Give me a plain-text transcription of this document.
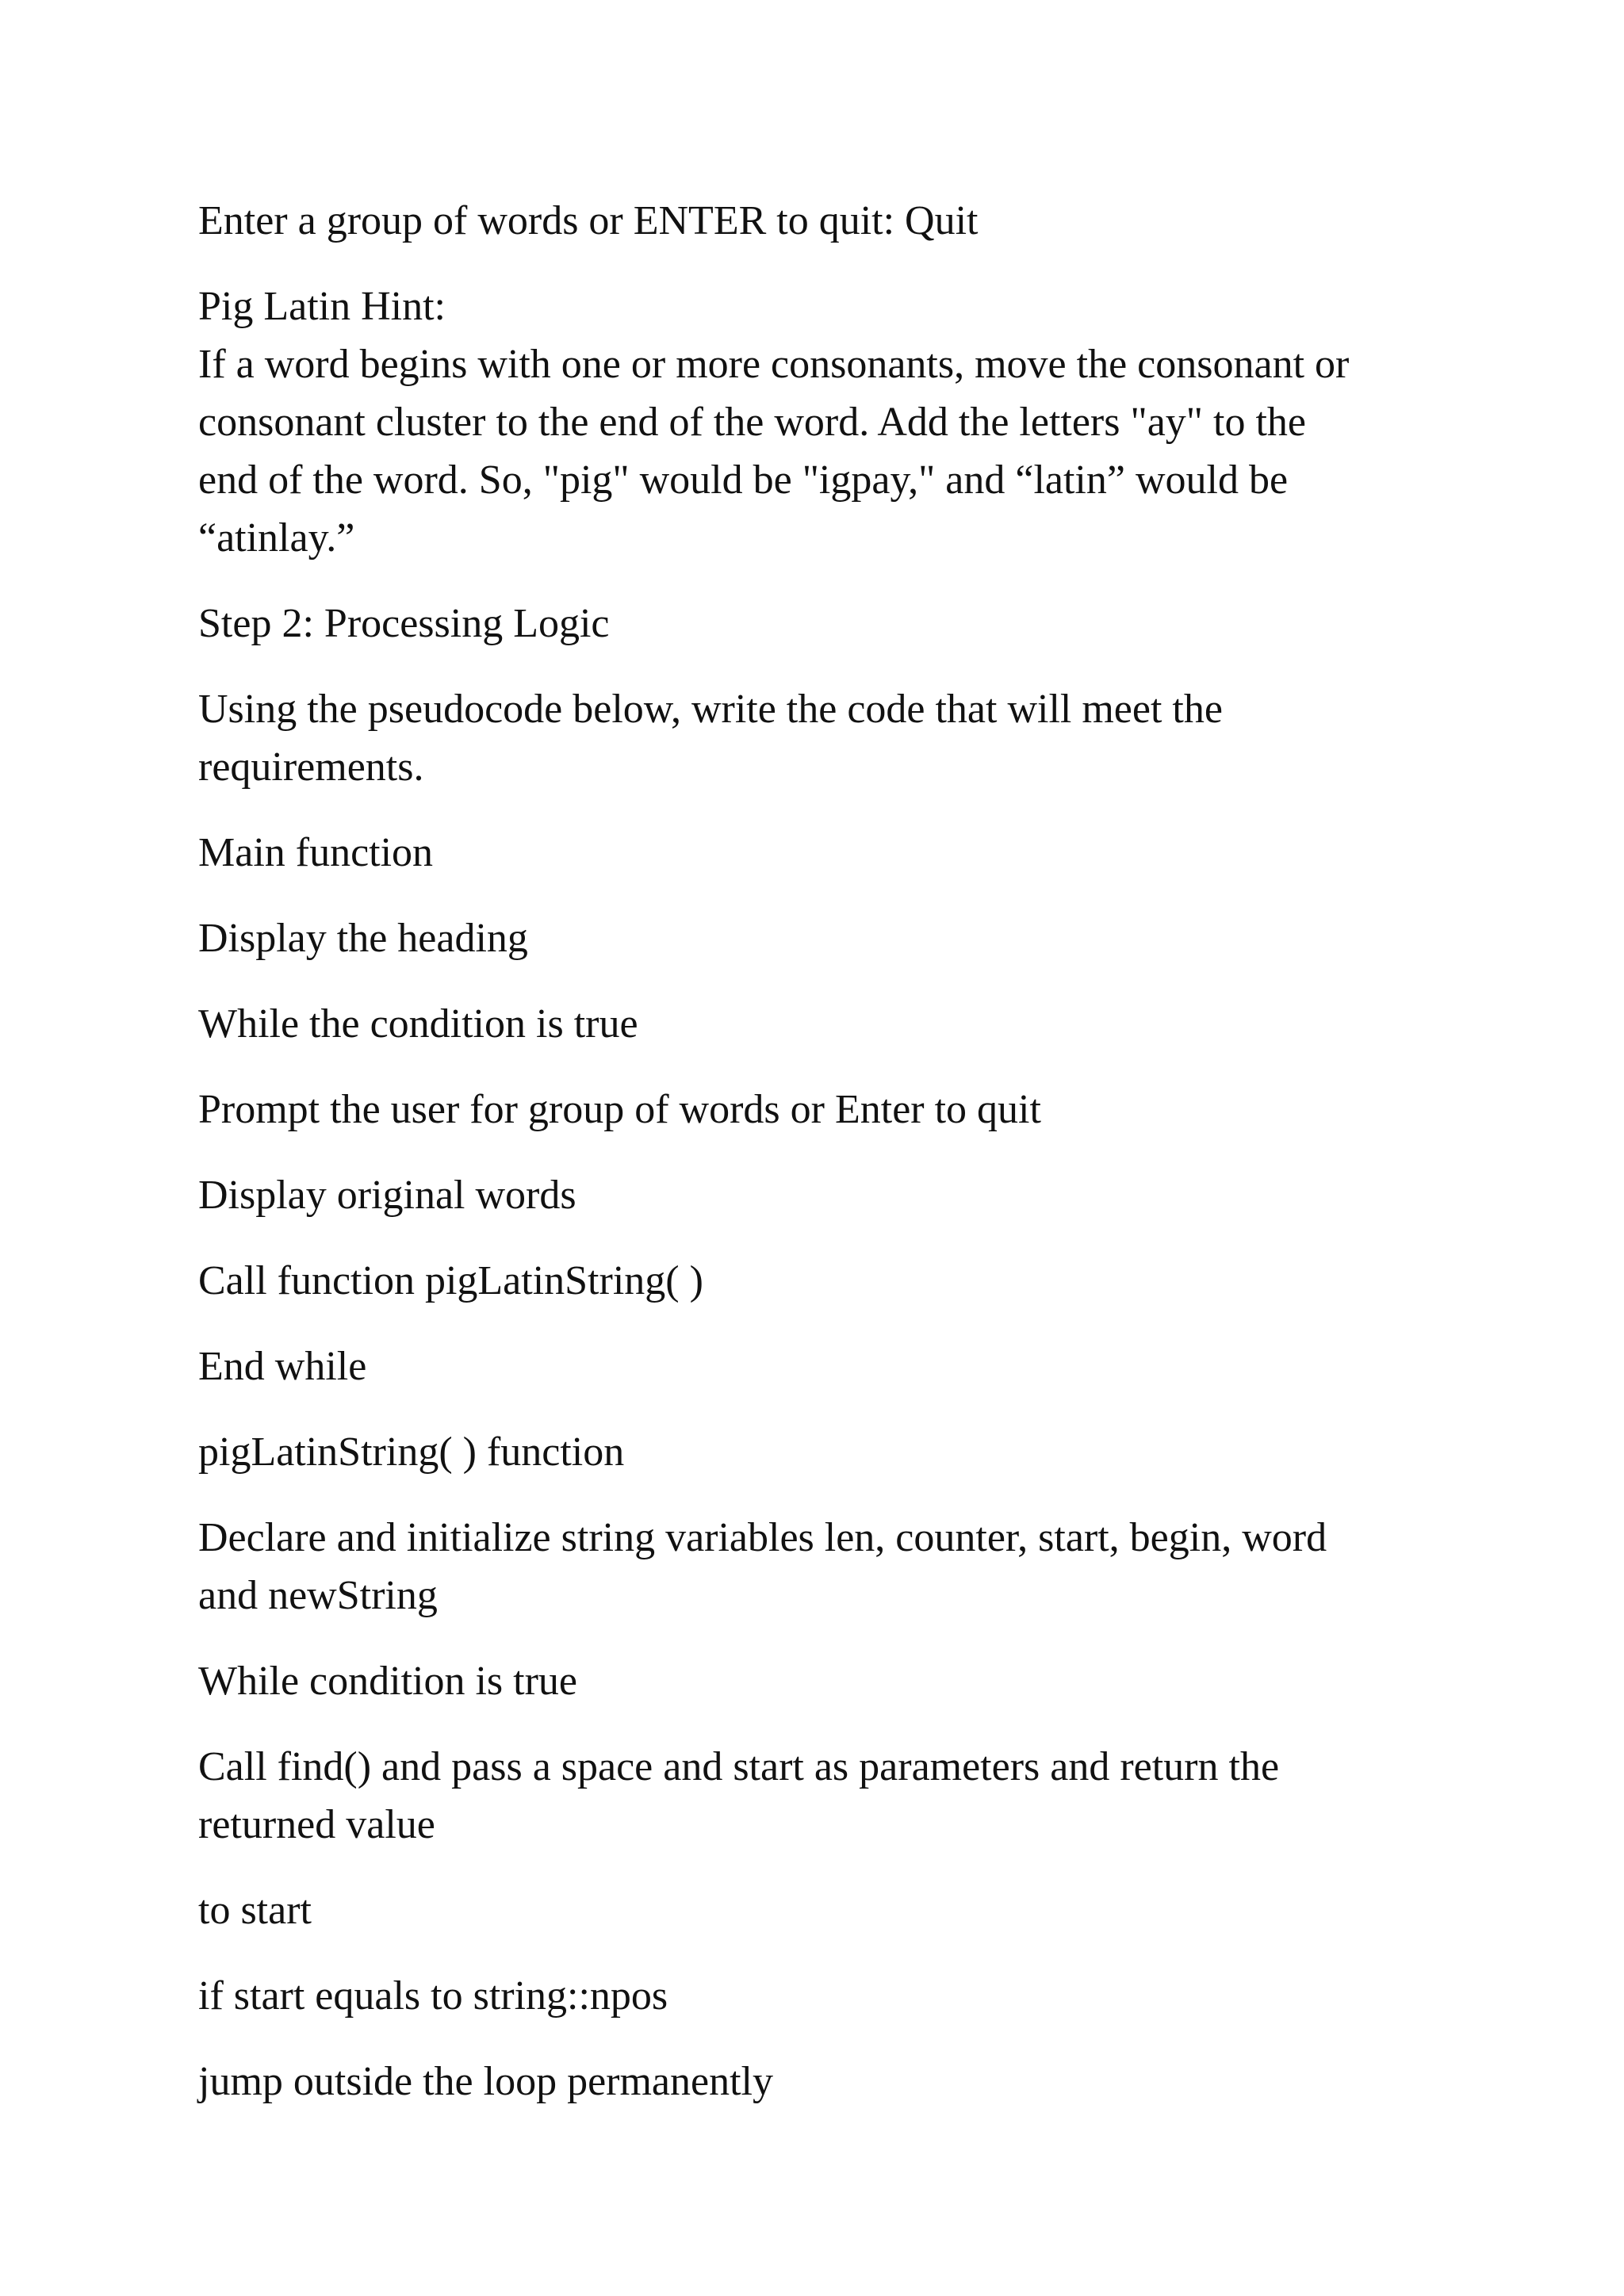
Enter a group of words or ENTER to quit: Quit

Pig Latin Hint:
If a word begins with one or more consonants, move the consonant or
consonant cluster to the end of the word. Add the letters "ay" to the
end of the word. So, "pig" would be "igpay," and “latin” would be
“atinlay.”

Step 2: Processing Logic

Using the pseudocode below, write the code that will meet the
requirements.

Main function

Display the heading

While the condition is true

Prompt the user for group of words or Enter to quit

Display original words

Call function pigLatinString( )

End while

pigLatinString( ) function

Declare and initialize string variables len, counter, start, begin, word
and newString

While condition is true

Call find() and pass a space and start as parameters and return the
returned value

to start

if start equals to string::npos

jump outside the loop permanently
